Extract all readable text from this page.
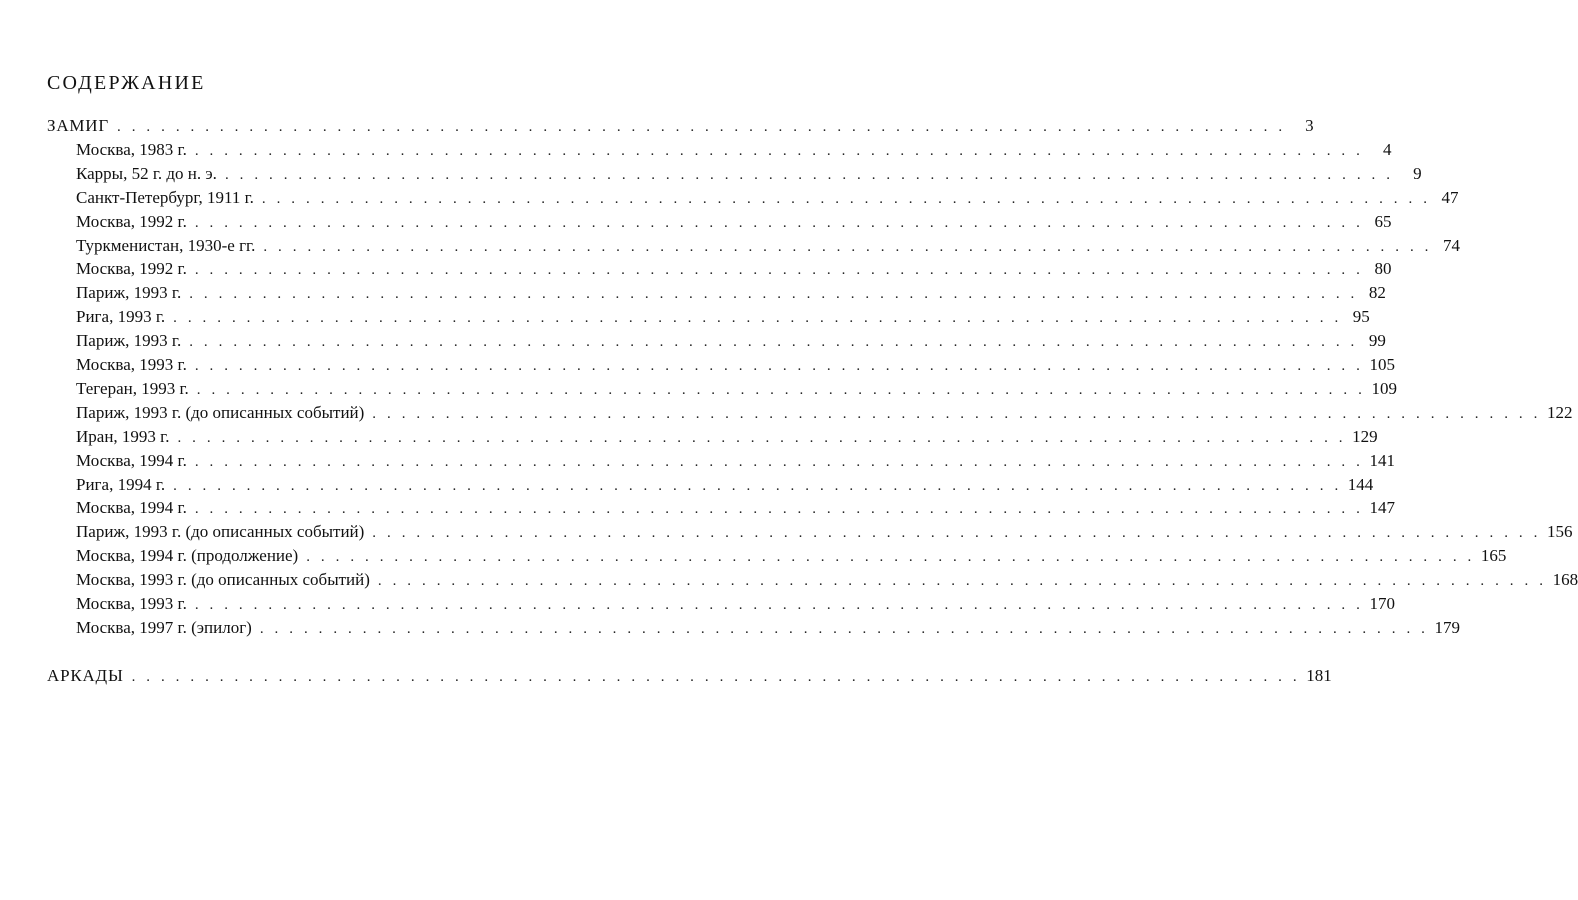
СОДЕРЖАНИЕ
ЗАМИГ . . . . . . . . . . . . . . . . . . . . . . . . . . . . . . . . . . . . . . . . . . . . . . . . . . . . . . . . . . . . . . . . . . . . . . . . . . . . . . . .	3
Москва, 1983 г. . . . . . . . . . . . . . . . . . . . . . . . . . . . . . . . . . . . . . . . . . . . . . . . . . . . . . . . . . . . . . . . . . . . . . . . . . . . . . . . .	4
Карры, 52 г. до н. э. . . . . . . . . . . . . . . . . . . . . . . . . . . . . . . . . . . . . . . . . . . . . . . . . . . . . . . . . . . . . . . . . . . . . . . . . . . . . . . . .	9
Санкт-Петербург, 1911 г. . . . . . . . . . . . . . . . . . . . . . . . . . . . . . . . . . . . . . . . . . . . . . . . . . . . . . . . . . . . . . . . . . . . . . . . . . . . . . . . . 47
Москва, 1992 г. . . . . . . . . . . . . . . . . . . . . . . . . . . . . . . . . . . . . . . . . . . . . . . . . . . . . . . . . . . . . . . . . . . . . . . . . . . . . . . . . 65
Туркменистан, 1930-е гг. . . . . . . . . . . . . . . . . . . . . . . . . . . . . . . . . . . . . . . . . . . . . . . . . . . . . . . . . . . . . . . . . . . . . . . . . . . . . . . . . 74
Москва, 1992 г. . . . . . . . . . . . . . . . . . . . . . . . . . . . . . . . . . . . . . . . . . . . . . . . . . . . . . . . . . . . . . . . . . . . . . . . . . . . . . . . . 80
Париж, 1993 г. . . . . . . . . . . . . . . . . . . . . . . . . . . . . . . . . . . . . . . . . . . . . . . . . . . . . . . . . . . . . . . . . . . . . . . . . . . . . . . . . 82
Рига, 1993 г. . . . . . . . . . . . . . . . . . . . . . . . . . . . . . . . . . . . . . . . . . . . . . . . . . . . . . . . . . . . . . . . . . . . . . . . . . . . . . . . . 95
Париж, 1993 г. . . . . . . . . . . . . . . . . . . . . . . . . . . . . . . . . . . . . . . . . . . . . . . . . . . . . . . . . . . . . . . . . . . . . . . . . . . . . . . . . 99
Москва, 1993 г. . . . . . . . . . . . . . . . . . . . . . . . . . . . . . . . . . . . . . . . . . . . . . . . . . . . . . . . . . . . . . . . . . . . . . . . . . . . . . . . . 105
Тегеран, 1993 г. . . . . . . . . . . . . . . . . . . . . . . . . . . . . . . . . . . . . . . . . . . . . . . . . . . . . . . . . . . . . . . . . . . . . . . . . . . . . . . . . 109
Париж, 1993 г. (до описанных событий) . . . . . . . . . . . . . . . . . . . . . . . . . . . . . . . . . . . . . . . . . . . . . . . . . . . . . . . . . . . . . . . . . . . . . . . . . . . . . . . . 122
Иран, 1993 г. . . . . . . . . . . . . . . . . . . . . . . . . . . . . . . . . . . . . . . . . . . . . . . . . . . . . . . . . . . . . . . . . . . . . . . . . . . . . . . . . 129
Москва, 1994 г. . . . . . . . . . . . . . . . . . . . . . . . . . . . . . . . . . . . . . . . . . . . . . . . . . . . . . . . . . . . . . . . . . . . . . . . . . . . . . . . . 141
Рига, 1994 г. . . . . . . . . . . . . . . . . . . . . . . . . . . . . . . . . . . . . . . . . . . . . . . . . . . . . . . . . . . . . . . . . . . . . . . . . . . . . . . . . 144
Москва, 1994 г. . . . . . . . . . . . . . . . . . . . . . . . . . . . . . . . . . . . . . . . . . . . . . . . . . . . . . . . . . . . . . . . . . . . . . . . . . . . . . . . . 147
Париж, 1993 г. (до описанных событий) . . . . . . . . . . . . . . . . . . . . . . . . . . . . . . . . . . . . . . . . . . . . . . . . . . . . . . . . . . . . . . . . . . . . . . . . . . . . . . . . 156
Москва, 1994 г. (продолжение) . . . . . . . . . . . . . . . . . . . . . . . . . . . . . . . . . . . . . . . . . . . . . . . . . . . . . . . . . . . . . . . . . . . . . . . . . . . . . . . . 165
Москва, 1993 г. (до описанных событий) . . . . . . . . . . . . . . . . . . . . . . . . . . . . . . . . . . . . . . . . . . . . . . . . . . . . . . . . . . . . . . . . . . . . . . . . . . . . . . . . 168
Москва, 1993 г. . . . . . . . . . . . . . . . . . . . . . . . . . . . . . . . . . . . . . . . . . . . . . . . . . . . . . . . . . . . . . . . . . . . . . . . . . . . . . . . . 170
Москва, 1997 г. (эпилог) . . . . . . . . . . . . . . . . . . . . . . . . . . . . . . . . . . . . . . . . . . . . . . . . . . . . . . . . . . . . . . . . . . . . . . . . . . . . . . . . 179
АРКАДЫ . . . . . . . . . . . . . . . . . . . . . . . . . . . . . . . . . . . . . . . . . . . . . . . . . . . . . . . . . . . . . . . . . . . . . . . . . . . . . . . . 181
